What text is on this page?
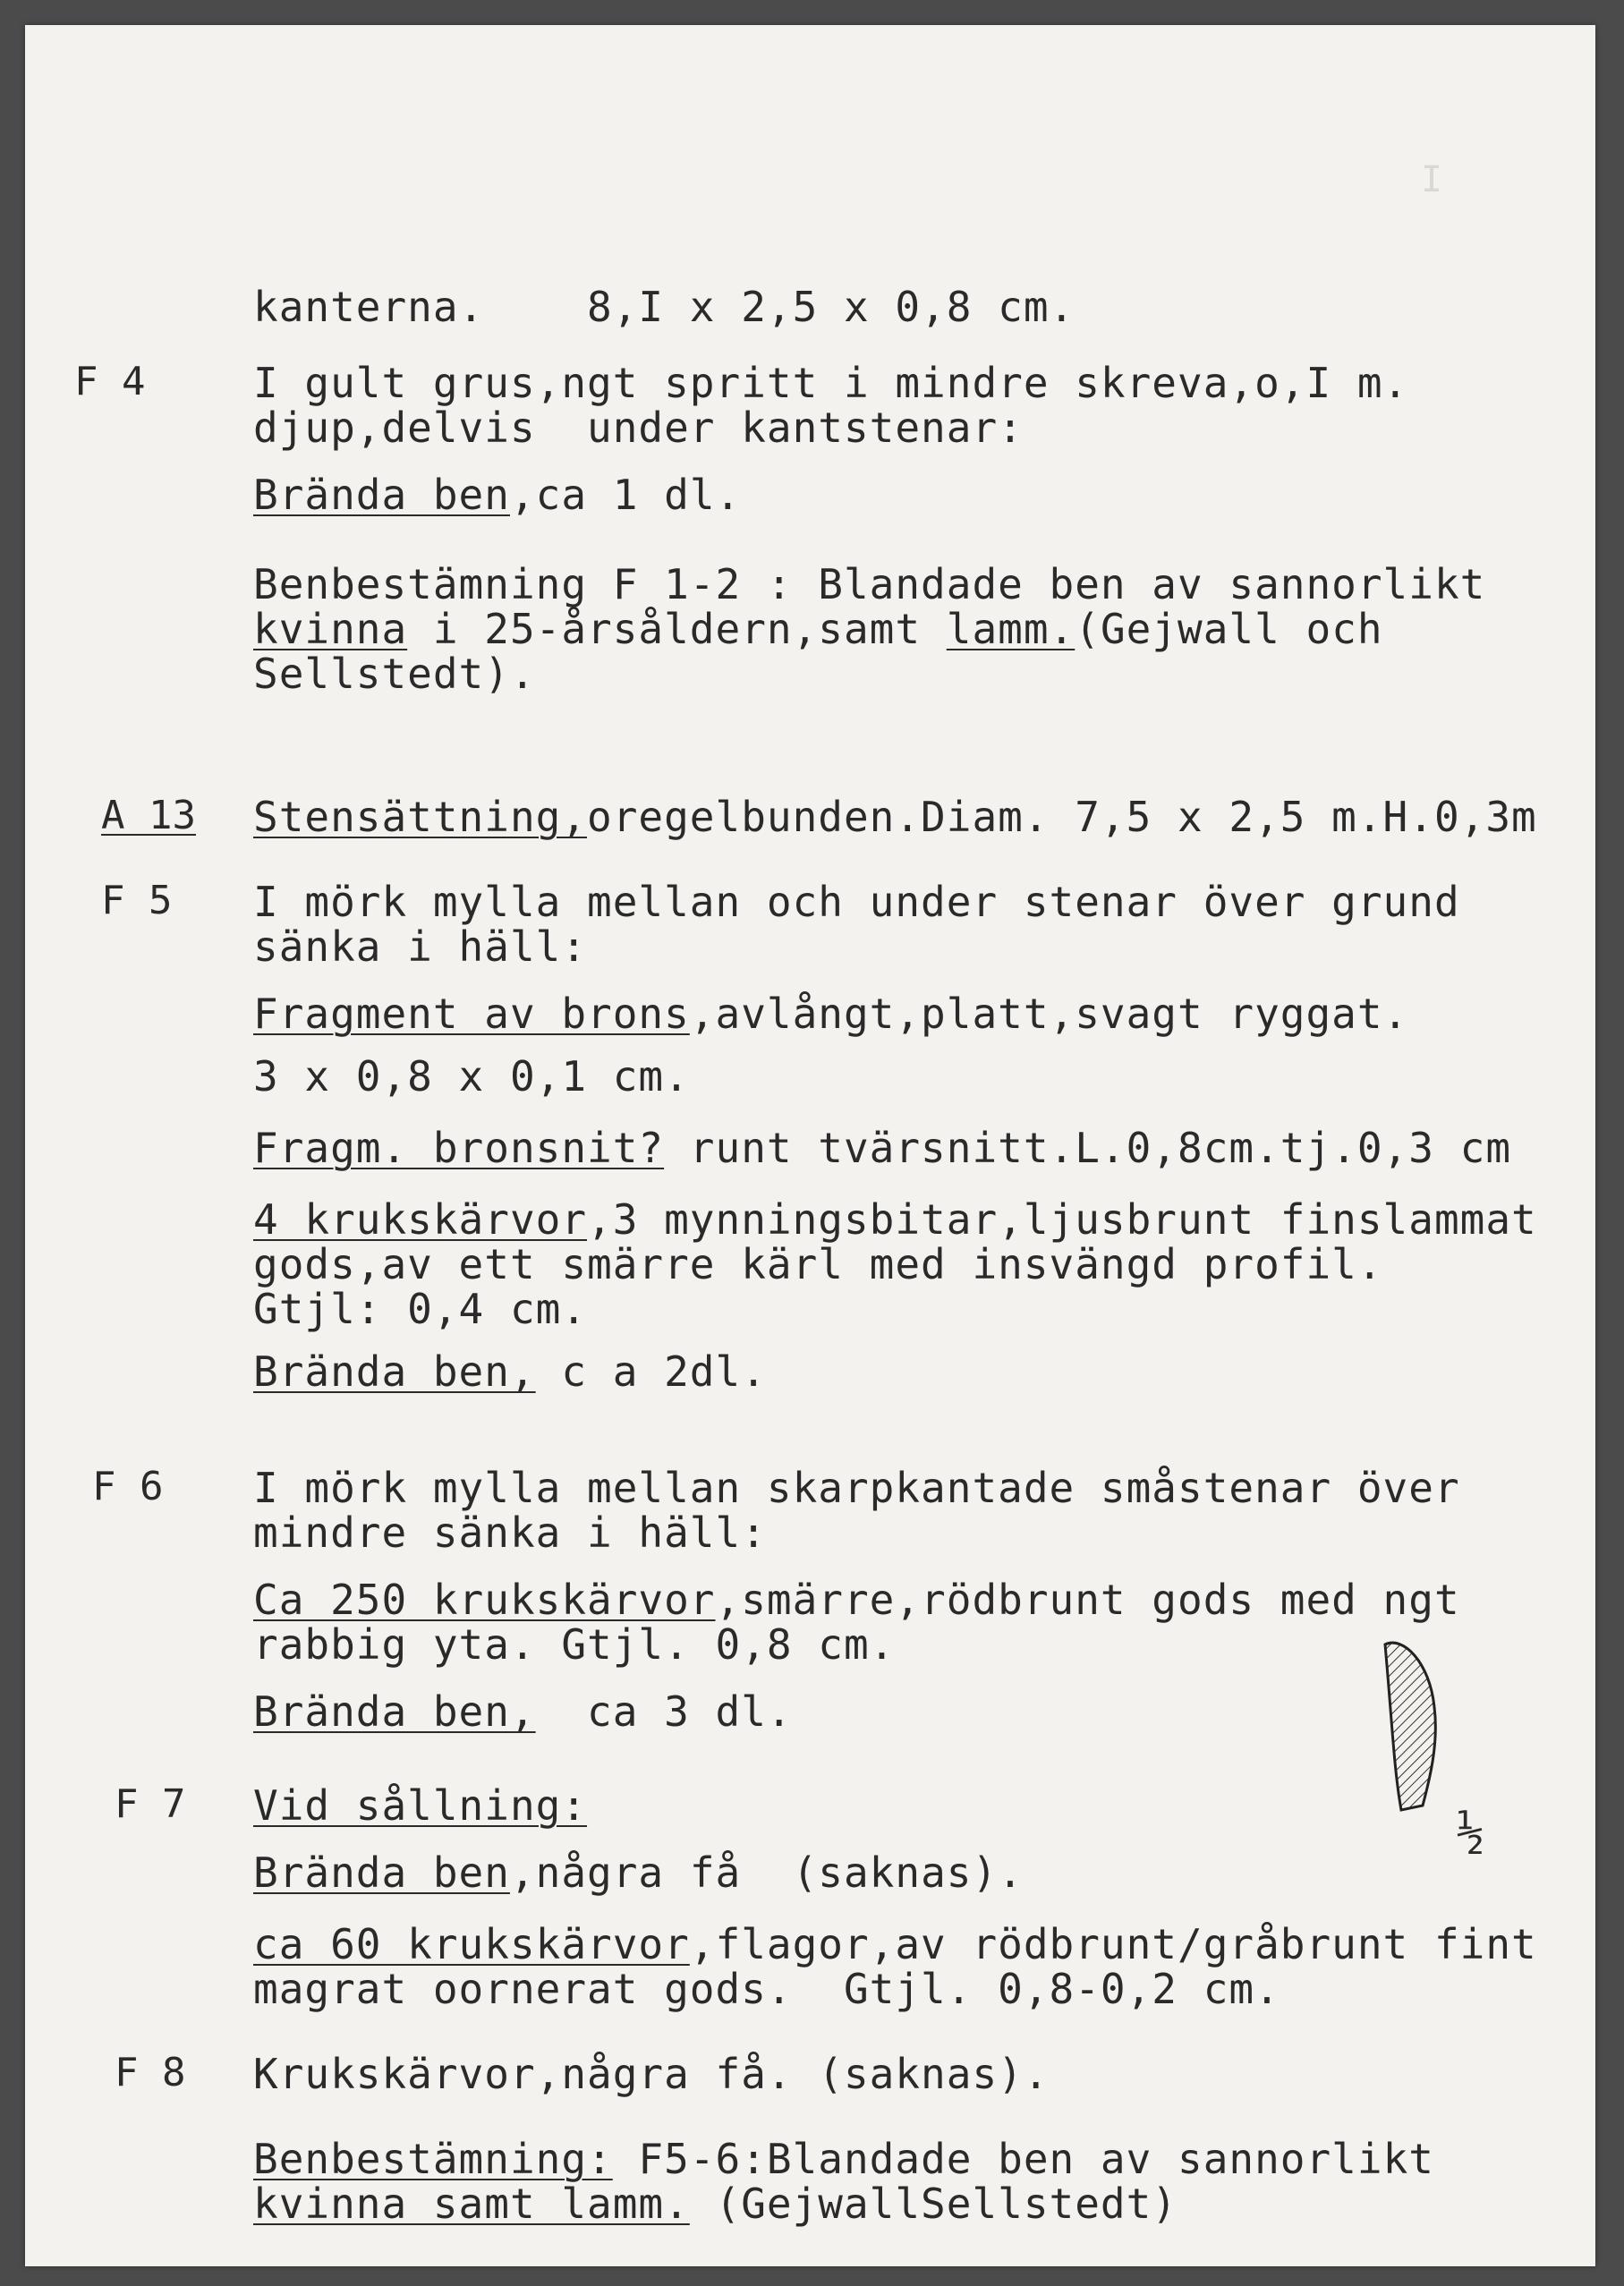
I
kanterna.    8,I x 2,5 x 0,8 cm.
F 4	I gult grus,ngt spritt i mindre skreva,o,I m.
djup,delvis  under kantstenar:
Brända ben,ca 1 dl.
Benbestämning F 1-2 : Blandade ben av sannorlikt
kvinna i 25-årsåldern,samt lamm.(Gejwall och
Sellstedt).
A 13 Stensättning,oregelbunden.Diam. 7,5 x 2,5 m.H.0,3m
F 5 I mörk mylla mellan och under stenar över grund
sänka i häll:
Fragment av brons,avlångt,platt,svagt ryggat.
3 x 0,8 x 0,1 cm.
Fragm. bronsnit? runt tvärsnitt.L.0,8cm.tj.0,3 cm
4 krukskärvor,3 mynningsbitar,ljusbrunt finslammat
gods,av ett smärre kärl med insvängd profil.
Gtjl: 0,4 cm.
Brända ben, c a 2dl.
F 6 I mörk mylla mellan skarpkantade småstenar över
mindre sänka i häll:
Ca 250 krukskärvor,smärre,rödbrunt gods med ngt
rabbig yta. Gtjl. 0,8 cm.
Brända ben,  ca 3 dl.
F 7 Vid sållning:
Brända ben,några få  (saknas).
ca 60 krukskärvor,flagor,av rödbrunt/gråbrunt fint
magrat oornerat gods.  Gtjl. 0,8-0,2 cm.
F 8 Krukskärvor,några få. (saknas).
Benbestämning: F5-6:Blandade ben av sannorlikt
kvinna samt lamm. (GejwallSellstedt)
½
